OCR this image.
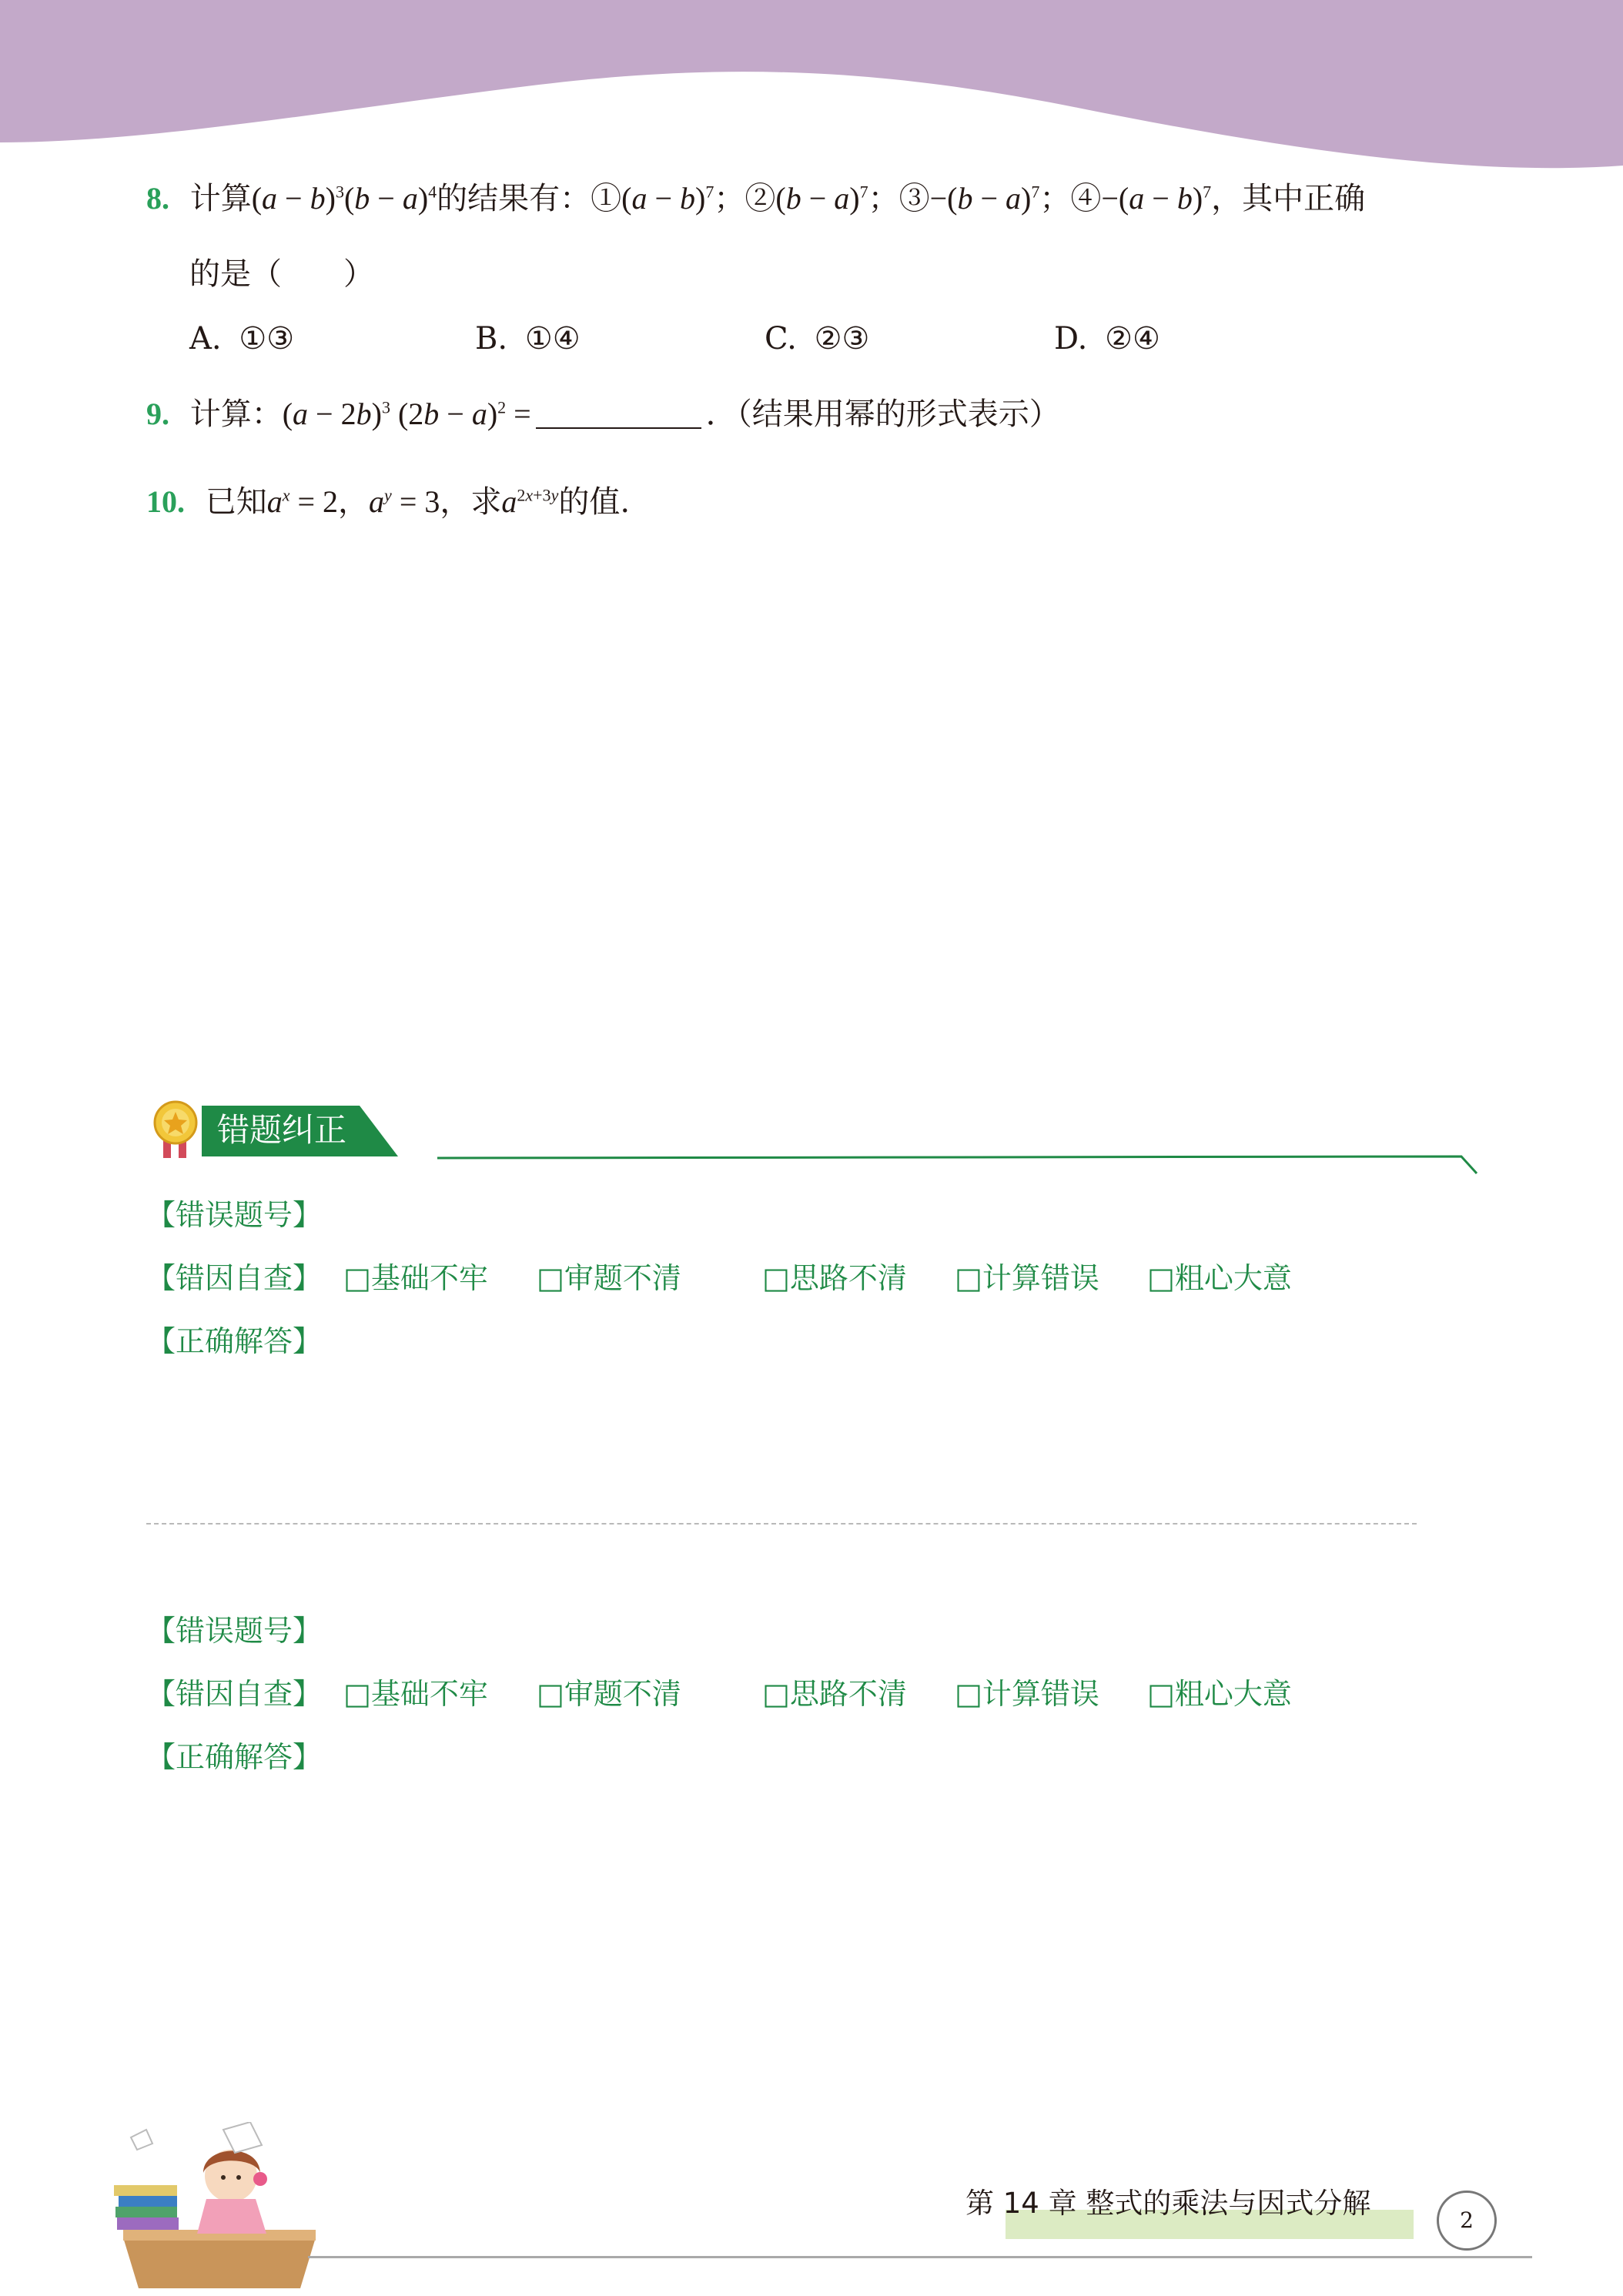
8. 计算$(a - b)^3(b - a)^4$的结果有：①(a − b)$^7$；②(b − a)$^7$；③−(b − a)$^7$；④−(a − b)$^7$，其中正确
的是（　　）
A. ①③	B. ①④	C. ②③	D. ②④
9. 计算：$(a - 2b)^3$ $(2b - a)^2$ =	．（结果用幂的形式表示）
10. 已知$a^x = 2$，$a^y = 3$，求$a^{2x+3y}$的值.
错题纠正
【错误题号】
【错因自查】 □基础不牢 □审题不清	□思路不清 □计算错误 □粗心大意
【正确解答】
【错误题号】
【错因自查】 □基础不牢 □审题不清	□思路不清 □计算错误 □粗心大意
【正确解答】
第 14 章 整式的乘法与因式分解
2
